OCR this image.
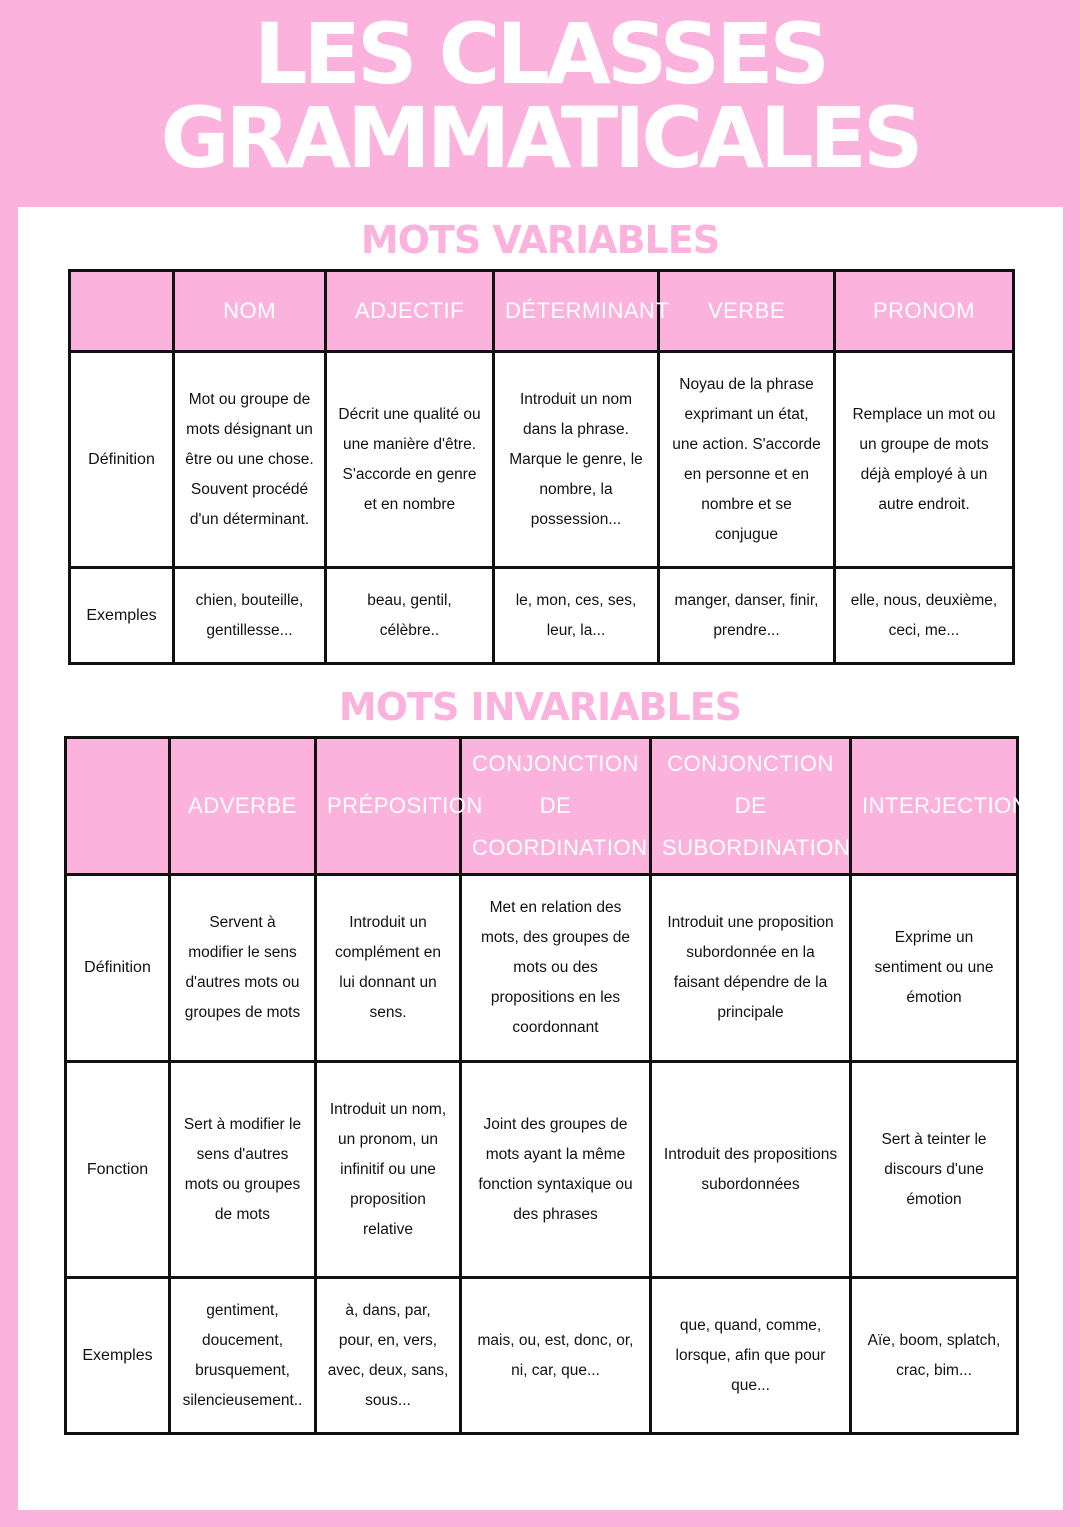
LES CLASSES
GRAMMATICALES
MOTS VARIABLES
	NOM	ADJECTIF	DÉTERMINANT	VERBE	PRONOM
Définition	Mot ou groupe de mots désignant un être ou une chose. Souvent procédé d'un déterminant.	Décrit une qualité ou une manière d'être. S'accorde en genre et en nombre	Introduit un nom dans la phrase. Marque le genre, le nombre, la possession...	Noyau de la phrase exprimant un état, une action. S'accorde en personne et en nombre et se conjugue	Remplace un mot ou un groupe de mots déjà employé à un autre endroit.
Exemples	chien, bouteille, gentillesse...	beau, gentil, célèbre..	le, mon, ces, ses, leur, la...	manger, danser, finir, prendre...	elle, nous, deuxième, ceci, me...
MOTS INVARIABLES
	ADVERBE	PRÉPOSITION	CONJONCTION DE COORDINATION	CONJONCTION DE SUBORDINATION	INTERJECTION
Définition	Servent à modifier le sens d'autres mots ou groupes de mots	Introduit un complément en lui donnant un sens.	Met en relation des mots, des groupes de mots ou des propositions en les coordonnant	Introduit une proposition subordonnée en la faisant dépendre de la principale	Exprime un sentiment ou une émotion
Fonction	Sert à modifier le sens d'autres mots ou groupes de mots	Introduit un nom, un pronom, un infinitif ou une proposition relative	Joint des groupes de mots ayant la même fonction syntaxique ou des phrases	Introduit des propositions subordonnées	Sert à teinter le discours d'une émotion
Exemples	gentiment, doucement, brusquement, silencieusement..	à, dans, par, pour, en, vers, avec, deux, sans, sous...	mais, ou, est, donc, or, ni, car, que...	que, quand, comme, lorsque, afin que pour que...	Aïe, boom, splatch, crac, bim...
